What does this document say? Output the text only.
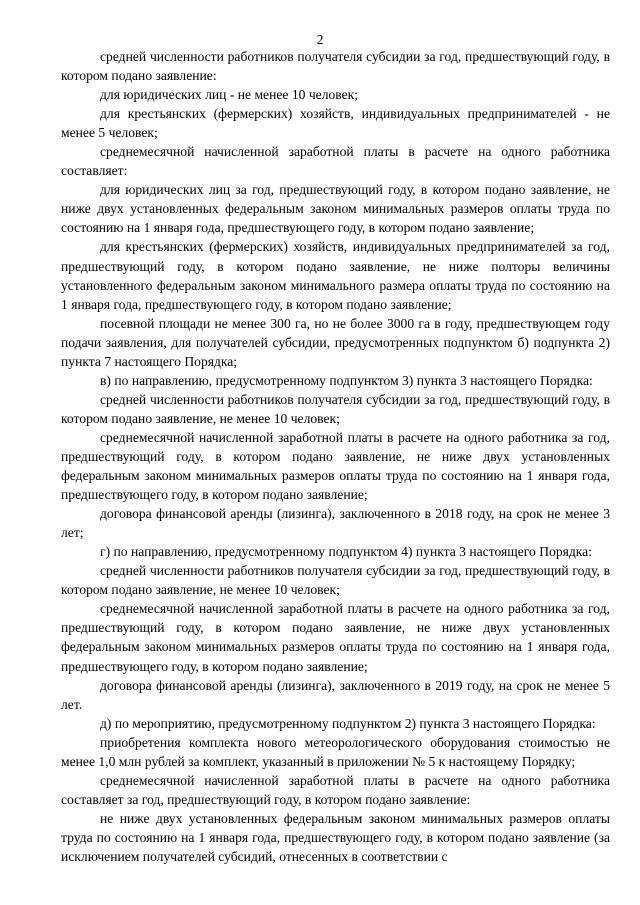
2

средней численности работников получателя субсидии за год, предшествующий году, в котором подано заявление:

для юридических лиц - не менее 10 человек;

для крестьянских (фермерских) хозяйств, индивидуальных предпринимателей - не менее 5 человек;

среднемесячной начисленной заработной платы в расчете на одного работника составляет:

для юридических лиц за год, предшествующий году, в котором подано заявление, не ниже двух установленных федеральным законом минимальных размеров оплаты труда по состоянию на 1 января года, предшествующего году, в котором подано заявление;

для крестьянских (фермерских) хозяйств, индивидуальных предпринимателей за год, предшествующий году, в котором подано заявление, не ниже полторы величины установленного федеральным законом минимального размера оплаты труда по состоянию на 1 января года, предшествующего году, в котором подано заявление;

посевной площади не менее 300 га, но не более 3000 га в году, предшествующем году подачи заявления, для получателей субсидии, предусмотренных подпунктом б) подпункта 2) пункта 7 настоящего Порядка;

в) по направлению, предусмотренному подпунктом 3) пункта 3 настоящего Порядка:

средней численности работников получателя субсидии за год, предшествующий году, в котором подано заявление, не менее 10 человек;

среднемесячной начисленной заработной платы в расчете на одного работника за год, предшествующий году, в котором подано заявление, не ниже двух установленных федеральным законом минимальных размеров оплаты труда по состоянию на 1 января года, предшествующего году, в котором подано заявление;

договора финансовой аренды (лизинга), заключенного в 2018 году, на срок не менее 3 лет;

г) по направлению, предусмотренному подпунктом 4) пункта 3 настоящего Порядка:

средней численности работников получателя субсидии за год, предшествующий году, в котором подано заявление, не менее 10 человек;

среднемесячной начисленной заработной платы в расчете на одного работника за год, предшествующий году, в котором подано заявление, не ниже двух установленных федеральным законом минимальных размеров оплаты труда по состоянию на 1 января года, предшествующего году, в котором подано заявление;

договора финансовой аренды (лизинга), заключенного в 2019 году, на срок не менее 5 лет.

д) по мероприятию, предусмотренному подпунктом 2) пункта 3 настоящего Порядка:

приобретения комплекта нового метеорологического оборудования стоимостью не менее 1,0 млн рублей за комплект, указанный в приложении № 5 к настоящему Порядку;

среднемесячной начисленной заработной платы в расчете на одного работника составляет за год, предшествующий году, в котором подано заявление:

не ниже двух установленных федеральным законом минимальных размеров оплаты труда по состоянию на 1 января года, предшествующего году, в котором подано заявление (за исключением получателей субсидий, отнесенных в соответствии с
